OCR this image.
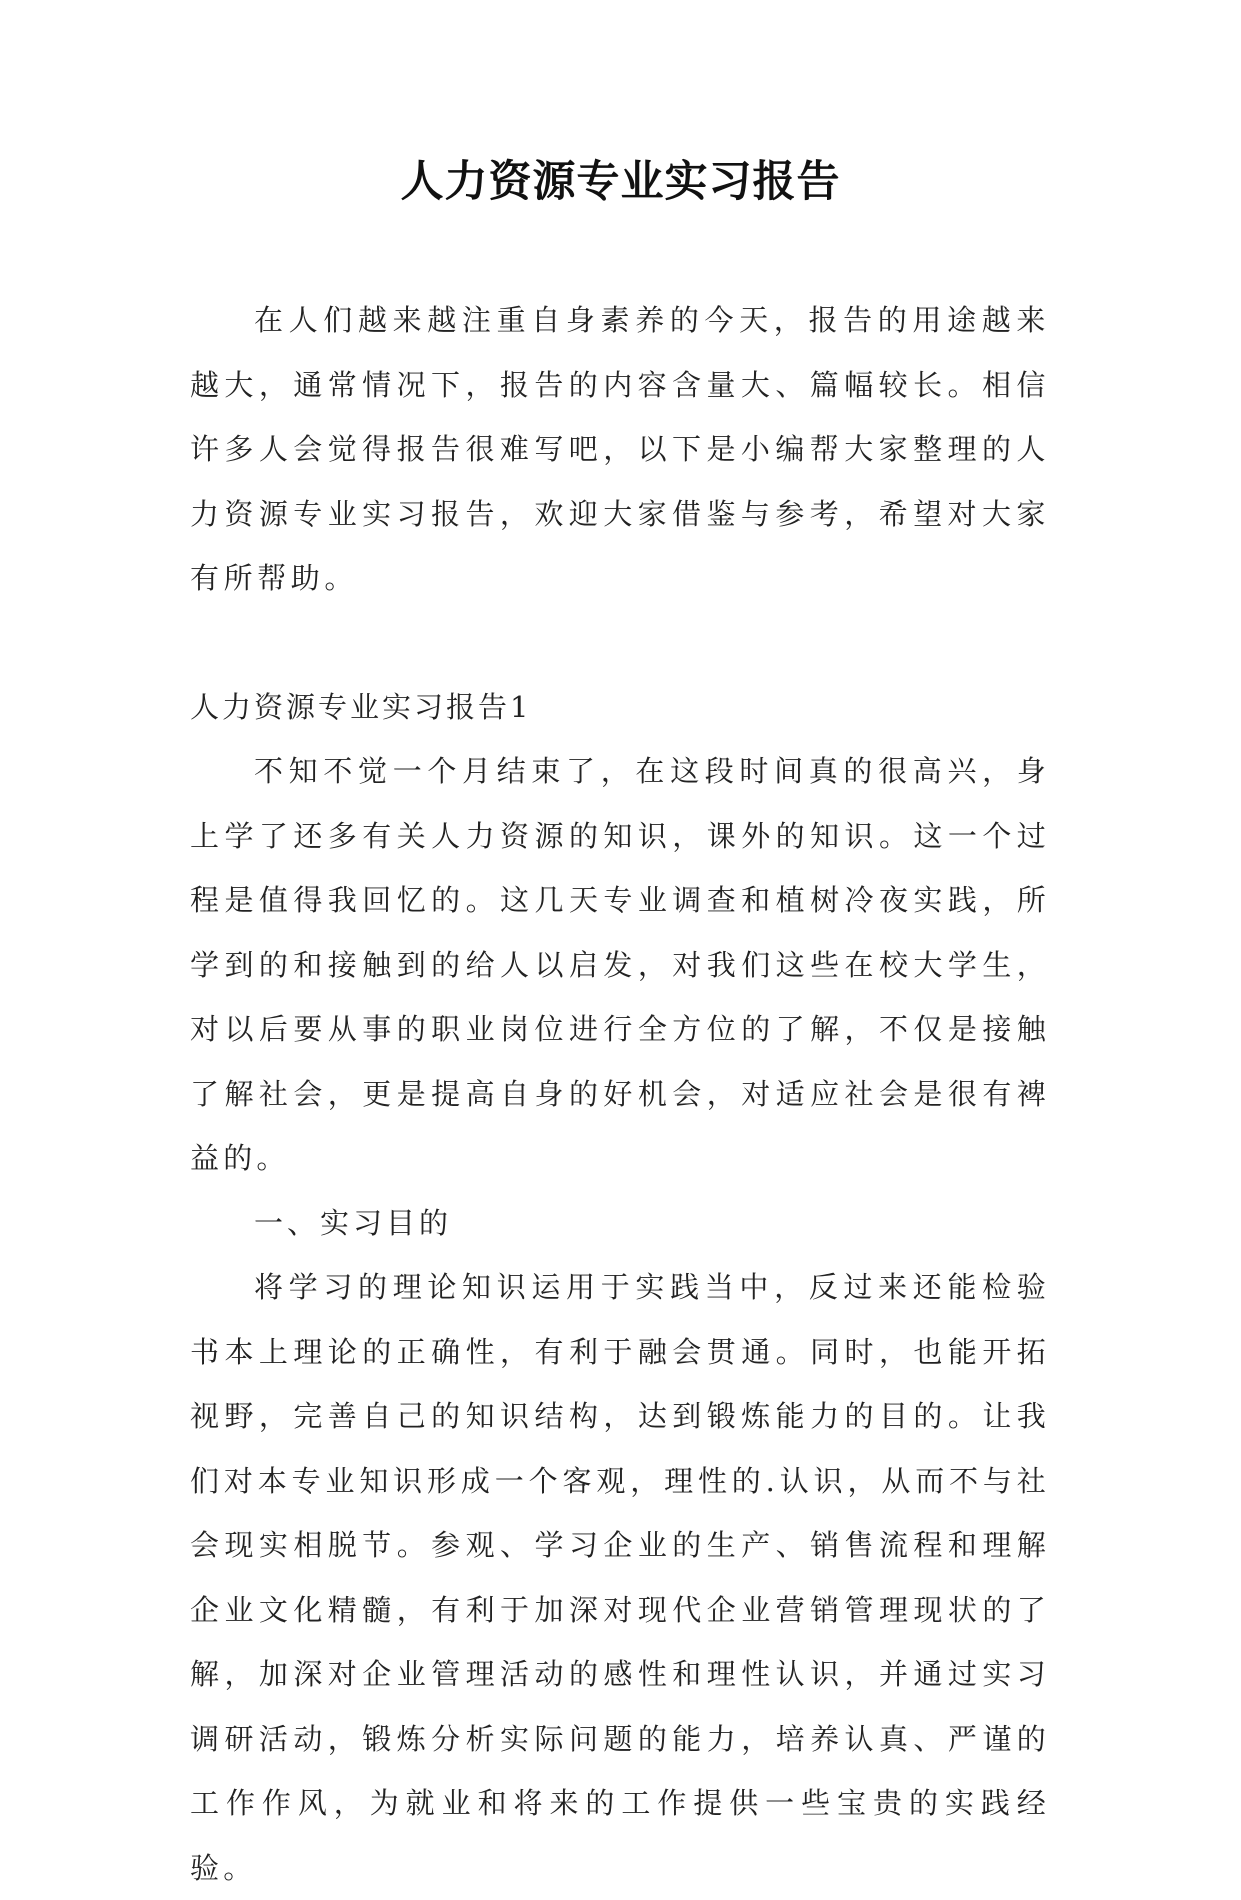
人力资源专业实习报告

在人们越来越注重自身素养的今天，报告的用途越来越大，通常情况下，报告的内容含量大、篇幅较长。相信许多人会觉得报告很难写吧，以下是小编帮大家整理的人力资源专业实习报告，欢迎大家借鉴与参考，希望对大家有所帮助。

人力资源专业实习报告1

不知不觉一个月结束了，在这段时间真的很高兴，身上学了还多有关人力资源的知识，课外的知识。这一个过程是值得我回忆的。这几天专业调查和植树冷夜实践，所学到的和接触到的给人以启发，对我们这些在校大学生，对以后要从事的职业岗位进行全方位的了解，不仅是接触了解社会，更是提高自身的好机会，对适应社会是很有裨益的。

一、实习目的

将学习的理论知识运用于实践当中，反过来还能检验书本上理论的正确性，有利于融会贯通。同时，也能开拓视野，完善自己的知识结构，达到锻炼能力的目的。让我们对本专业知识形成一个客观，理性的.认识，从而不与社会现实相脱节。参观、学习企业的生产、销售流程和理解企业文化精髓，有利于加深对现代企业营销管理现状的了解，加深对企业管理活动的感性和理性认识，并通过实习调研活动，锻炼分析实际问题的能力，培养认真、严谨的工作作风，为就业和将来的工作提供一些宝贵的实践经验。
